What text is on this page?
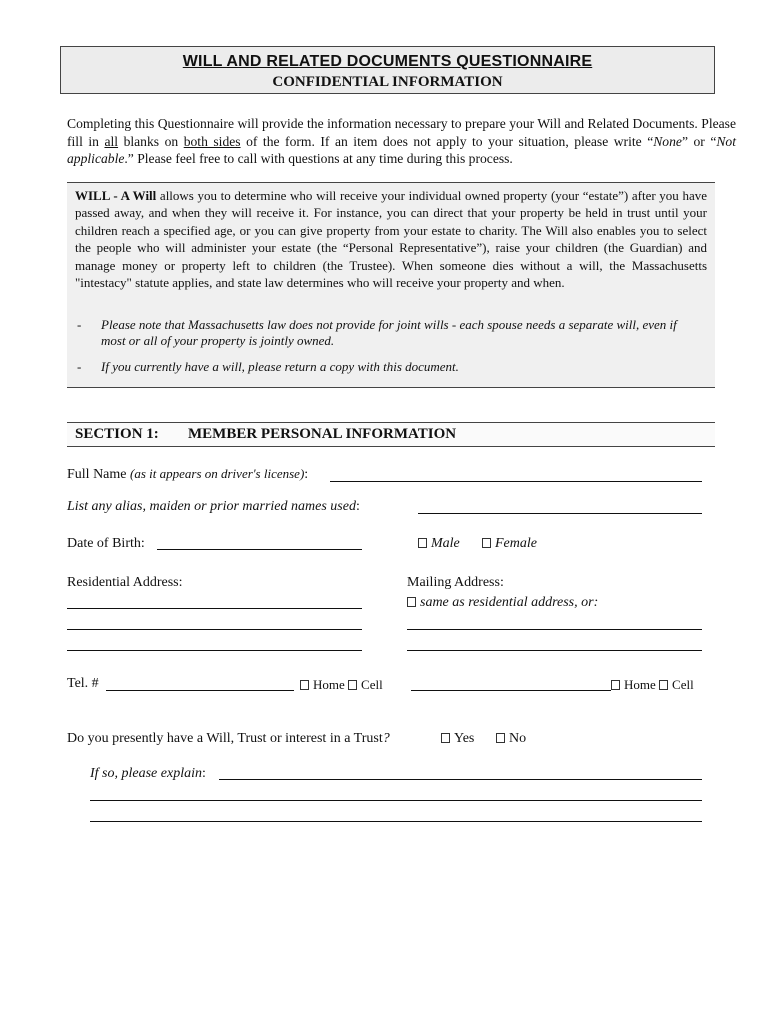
WILL AND RELATED DOCUMENTS QUESTIONNAIRE
CONFIDENTIAL INFORMATION
Completing this Questionnaire will provide the information necessary to prepare your Will and Related Documents. Please fill in all blanks on both sides of the form. If an item does not apply to your situation, please write “None” or “Not applicable.” Please feel free to call with questions at any time during this process.
WILL - A Will allows you to determine who will receive your individual owned property (your “estate”) after you have passed away, and when they will receive it. For instance, you can direct that your property be held in trust until your children reach a specified age, or you can give property from your estate to charity. The Will also enables you to select the people who will administer your estate (the “Personal Representative”), raise your children (the Guardian) and manage money or property left to children (the Trustee). When someone dies without a will, the Massachusetts "intestacy" statute applies, and state law determines who will receive your property and when.
-	Please note that Massachusetts law does not provide for joint wills - each spouse needs a separate will, even if most or all of your property is jointly owned.
-	If you currently have a will, please return a copy with this document.
SECTION 1: MEMBER PERSONAL INFORMATION
Full Name (as it appears on driver's license):
List any alias, maiden or prior married names used:
Date of Birth:	Male	Female
Residential Address:	Mailing Address:
same as residential address, or:
Tel. #	Home Cell	Home Cell
Do you presently have a Will, Trust or interest in a Trust?	Yes	No
If so, please explain:
